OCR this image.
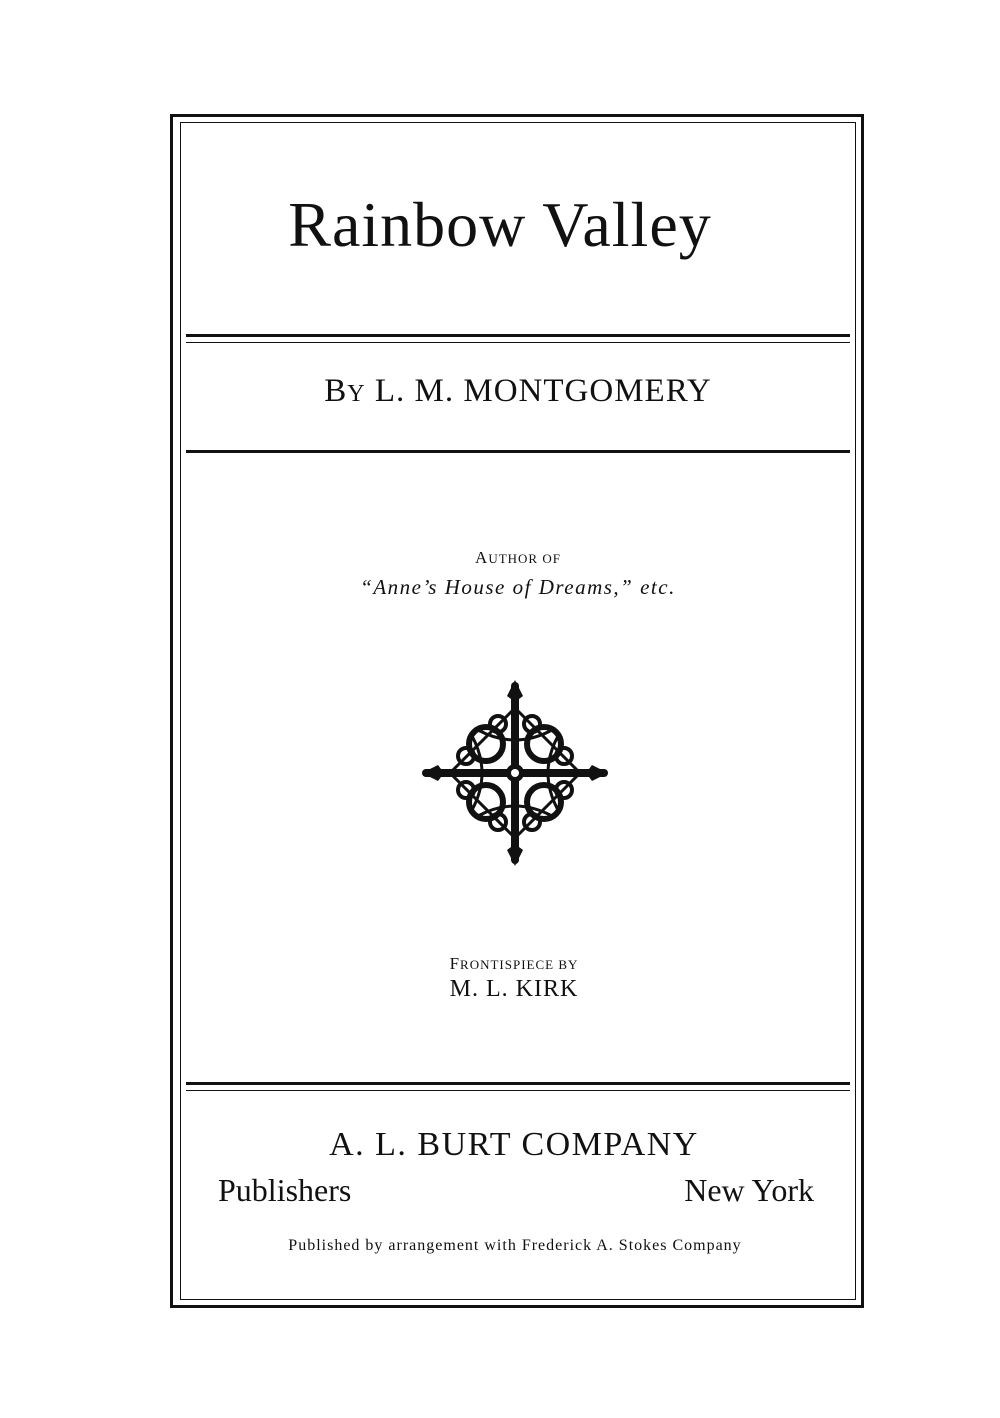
Rainbow Valley
BY L. M. MONTGOMERY
AUTHOR OF
“Anne’s House of Dreams,” etc.
FRONTISPIECE BY
M. L. KIRK
A. L. BURT COMPANY
Publishers	New York
Published by arrangement with Frederick A. Stokes Company
